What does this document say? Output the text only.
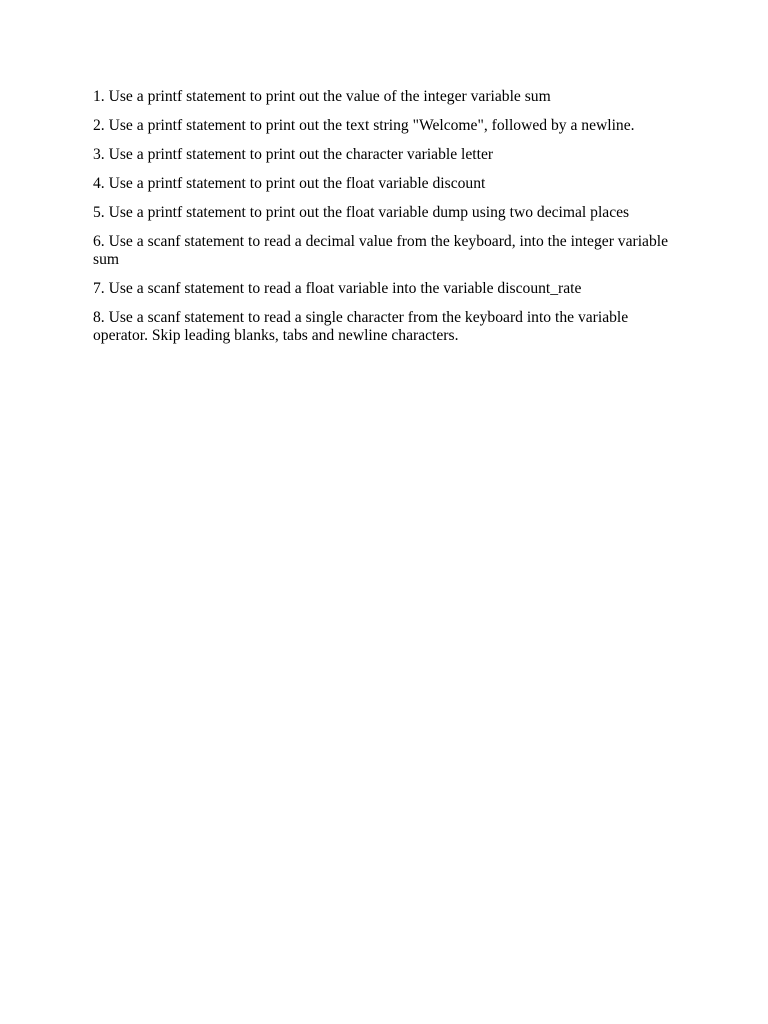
1. Use a printf statement to print out the value of the integer variable sum
2. Use a printf statement to print out the text string "Welcome", followed by a newline.
3. Use a printf statement to print out the character variable letter
4. Use a printf statement to print out the float variable discount
5. Use a printf statement to print out the float variable dump using two decimal places
6. Use a scanf statement to read a decimal value from the keyboard, into the integer variable sum
7. Use a scanf statement to read a float variable into the variable discount_rate
8. Use a scanf statement to read a single character from the keyboard into the variable operator. Skip leading blanks, tabs and newline characters.
